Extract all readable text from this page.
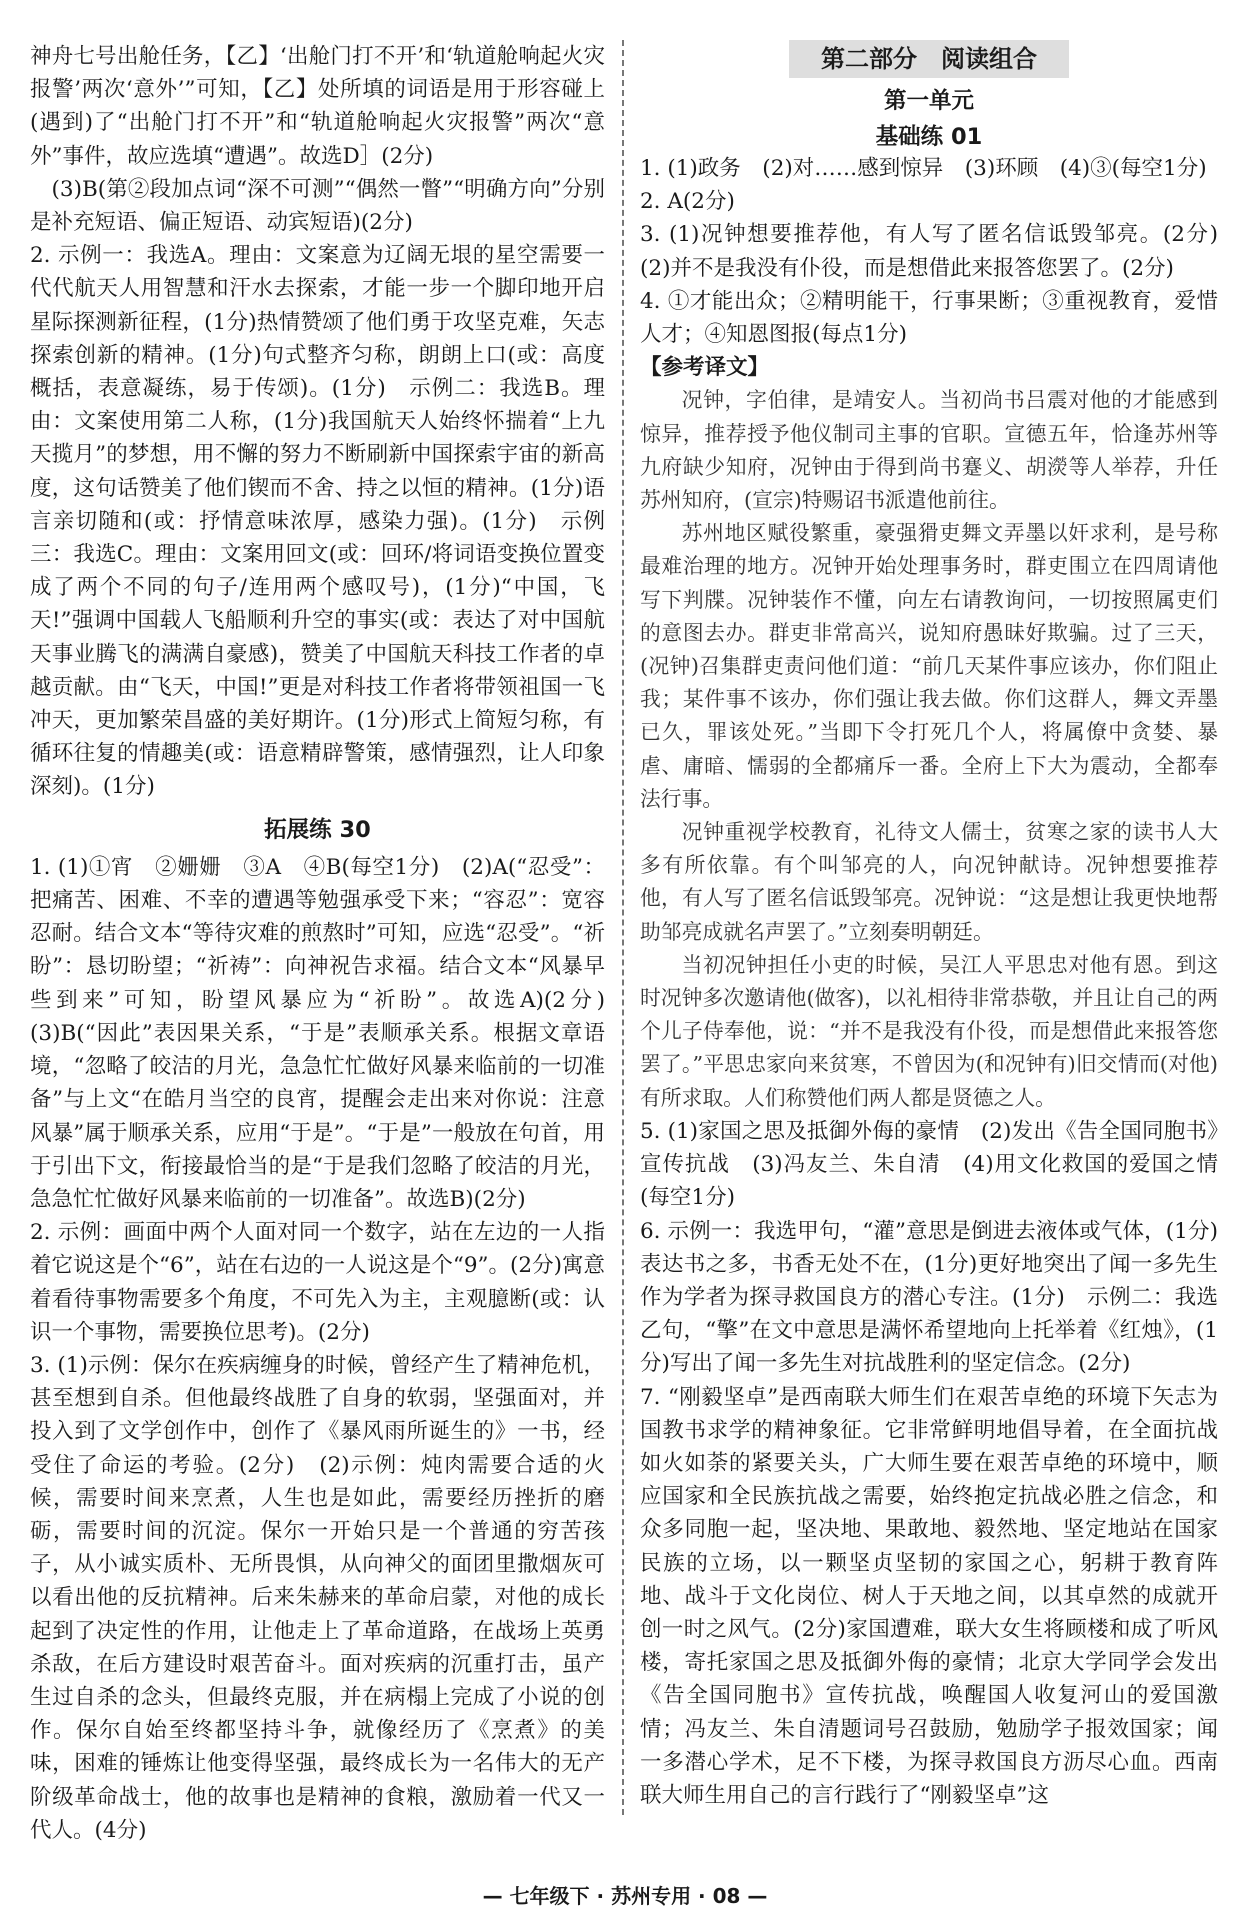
神舟七号出舱任务，【乙】‘出舱门打不开’和‘轨道舱响起火灾报警’两次‘意外’”可知，【乙】处所填的词语是用于形容碰上(遇到)了“出舱门打不开”和“轨道舱响起火灾报警”两次“意外”事件，故应选填“遭遇”。故选D］(2分)
(3)B(第②段加点词“深不可测”“偶然一瞥”“明确方向”分别是补充短语、偏正短语、动宾短语)(2分)
2. 示例一：我选A。理由：文案意为辽阔无垠的星空需要一代代航天人用智慧和汗水去探索，才能一步一个脚印地开启星际探测新征程，(1分)热情赞颂了他们勇于攻坚克难，矢志探索创新的精神。(1分)句式整齐匀称，朗朗上口(或：高度概括，表意凝练，易于传颂)。(1分)　示例二：我选B。理由：文案使用第二人称，(1分)我国航天人始终怀揣着“上九天揽月”的梦想，用不懈的努力不断刷新中国探索宇宙的新高度，这句话赞美了他们锲而不舍、持之以恒的精神。(1分)语言亲切随和(或：抒情意味浓厚，感染力强)。(1分)　示例三：我选C。理由：文案用回文(或：回环/将词语变换位置变成了两个不同的句子/连用两个感叹号)，(1分)“中国，飞天!”强调中国载人飞船顺利升空的事实(或：表达了对中国航天事业腾飞的满满自豪感)，赞美了中国航天科技工作者的卓越贡献。由“飞天，中国!”更是对科技工作者将带领祖国一飞冲天，更加繁荣昌盛的美好期许。(1分)形式上简短匀称，有循环往复的情趣美(或：语意精辟警策，感情强烈，让人印象深刻)。(1分)
拓展练 30
1. (1)①宵　②姗姗　③A　④B(每空1分)　(2)A(“忍受”：把痛苦、困难、不幸的遭遇等勉强承受下来；“容忍”：宽容忍耐。结合文本“等待灾难的煎熬时”可知，应选“忍受”。“祈盼”：恳切盼望；“祈祷”：向神祝告求福。结合文本“风暴早些到来”可知，盼望风暴应为“祈盼”。故选A)(2分)　(3)B(“因此”表因果关系，“于是”表顺承关系。根据文章语境，“忽略了皎洁的月光，急急忙忙做好风暴来临前的一切准备”与上文“在皓月当空的良宵，提醒会走出来对你说：注意风暴”属于顺承关系，应用“于是”。“于是”一般放在句首，用于引出下文，衔接最恰当的是“于是我们忽略了皎洁的月光，急急忙忙做好风暴来临前的一切准备”。故选B)(2分)
2. 示例：画面中两个人面对同一个数字，站在左边的一人指着它说这是个“6”，站在右边的一人说这是个“9”。(2分)寓意着看待事物需要多个角度，不可先入为主，主观臆断(或：认识一个事物，需要换位思考)。(2分)
3. (1)示例：保尔在疾病缠身的时候，曾经产生了精神危机，甚至想到自杀。但他最终战胜了自身的软弱，坚强面对，并投入到了文学创作中，创作了《暴风雨所诞生的》一书，经受住了命运的考验。(2分)　(2)示例：炖肉需要合适的火候，需要时间来烹煮，人生也是如此，需要经历挫折的磨砺，需要时间的沉淀。保尔一开始只是一个普通的穷苦孩子，从小诚实质朴、无所畏惧，从向神父的面团里撒烟灰可以看出他的反抗精神。后来朱赫来的革命启蒙，对他的成长起到了决定性的作用，让他走上了革命道路，在战场上英勇杀敌，在后方建设时艰苦奋斗。面对疾病的沉重打击，虽产生过自杀的念头，但最终克服，并在病榻上完成了小说的创作。保尔自始至终都坚持斗争，就像经历了《烹煮》的美味，困难的锤炼让他变得坚强，最终成长为一名伟大的无产阶级革命战士，他的故事也是精神的食粮，激励着一代又一代人。(4分)
第二部分　阅读组合
第一单元
基础练 01
1. (1)政务　(2)对……感到惊异　(3)环顾　(4)③(每空1分)
2. A(2分)
3. (1)况钟想要推荐他，有人写了匿名信诋毁邹亮。(2分)　(2)并不是我没有仆役，而是想借此来报答您罢了。(2分)
4. ①才能出众；②精明能干，行事果断；③重视教育，爱惜人才；④知恩图报(每点1分)
【参考译文】

况钟，字伯律，是靖安人。当初尚书吕震对他的才能感到惊异，推荐授予他仪制司主事的官职。宣德五年，恰逢苏州等九府缺少知府，况钟由于得到尚书蹇义、胡濙等人举荐，升任苏州知府，(宣宗)特赐诏书派遣他前往。

苏州地区赋役繁重，豪强猾吏舞文弄墨以奸求利，是号称最难治理的地方。况钟开始处理事务时，群吏围立在四周请他写下判牒。况钟装作不懂，向左右请教询问，一切按照属吏们的意图去办。群吏非常高兴，说知府愚昧好欺骗。过了三天，(况钟)召集群吏责问他们道：“前几天某件事应该办，你们阻止我；某件事不该办，你们强让我去做。你们这群人，舞文弄墨已久，罪该处死。”当即下令打死几个人，将属僚中贪婪、暴虐、庸暗、懦弱的全都痛斥一番。全府上下大为震动，全都奉法行事。

况钟重视学校教育，礼待文人儒士，贫寒之家的读书人大多有所依靠。有个叫邹亮的人，向况钟献诗。况钟想要推荐他，有人写了匿名信诋毁邹亮。况钟说：“这是想让我更快地帮助邹亮成就名声罢了。”立刻奏明朝廷。

当初况钟担任小吏的时候，吴江人平思忠对他有恩。到这时况钟多次邀请他(做客)，以礼相待非常恭敬，并且让自己的两个儿子侍奉他，说：“并不是我没有仆役，而是想借此来报答您罢了。”平思忠家向来贫寒，不曾因为(和况钟有)旧交情而(对他)有所求取。人们称赞他们两人都是贤德之人。

5. (1)家国之思及抵御外侮的豪情　(2)发出《告全国同胞书》宣传抗战　(3)冯友兰、朱自清　(4)用文化救国的爱国之情(每空1分)
6. 示例一：我选甲句，“灌”意思是倒进去液体或气体，(1分)表达书之多，书香无处不在，(1分)更好地突出了闻一多先生作为学者为探寻救国良方的潜心专注。(1分)　示例二：我选乙句，“擎”在文中意思是满怀希望地向上托举着《红烛》，(1分)写出了闻一多先生对抗战胜利的坚定信念。(2分)
7. “刚毅坚卓”是西南联大师生们在艰苦卓绝的环境下矢志为国教书求学的精神象征。它非常鲜明地倡导着，在全面抗战如火如荼的紧要关头，广大师生要在艰苦卓绝的环境中，顺应国家和全民族抗战之需要，始终抱定抗战必胜之信念，和众多同胞一起，坚决地、果敢地、毅然地、坚定地站在国家民族的立场，以一颗坚贞坚韧的家国之心，躬耕于教育阵地、战斗于文化岗位、树人于天地之间，以其卓然的成就开创一时之风气。(2分)家国遭难，联大女生将顾楼和成了听风楼，寄托家国之思及抵御外侮的豪情；北京大学同学会发出《告全国同胞书》宣传抗战，唤醒国人收复河山的爱国激情；冯友兰、朱自清题词号召鼓励，勉励学子报效国家；闻一多潜心学术，足不下楼，为探寻救国良方沥尽心血。西南联大师生用自己的言行践行了“刚毅坚卓”这
— 七年级下 · 苏州专用 · 08 —
